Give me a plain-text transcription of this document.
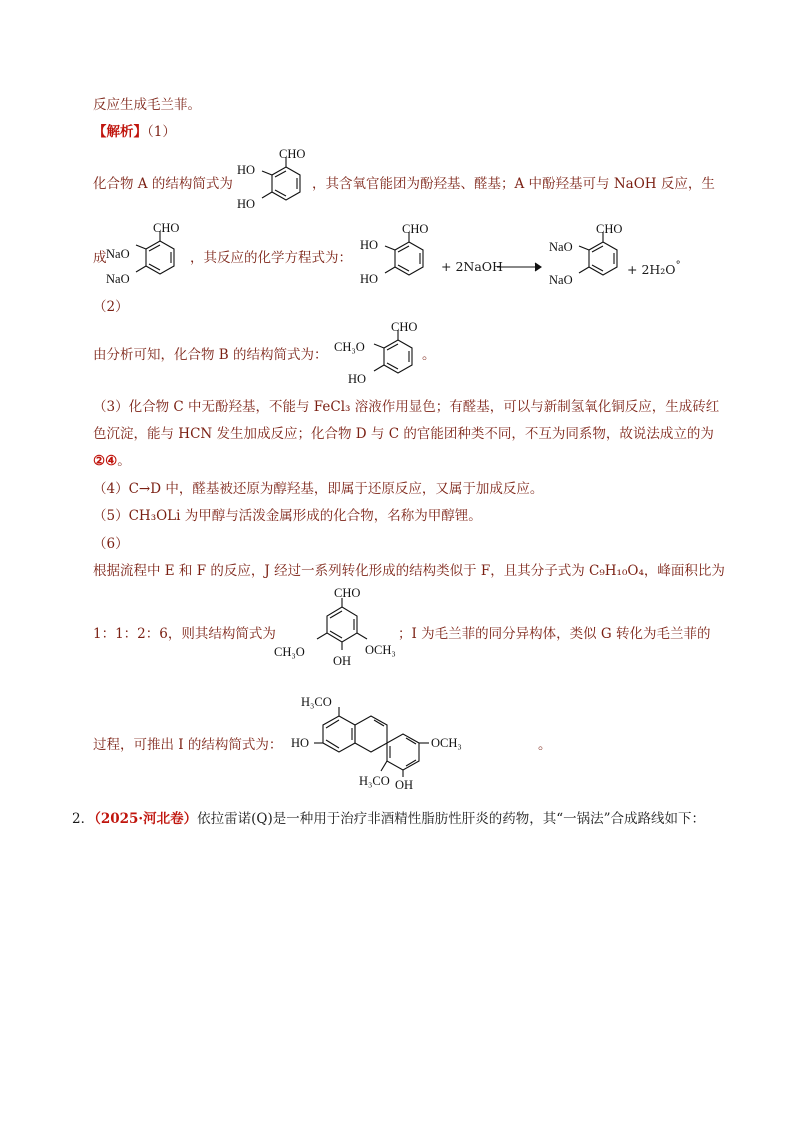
反应生成毛兰菲。
【解析】（1）
化合物 A 的结构简式为	，其含氧官能团为酚羟基、醛基；A 中酚羟基可与 NaOH 反应，生
成	，其反应的化学方程式为：
（2）
由分析可知，化合物 B 的结构简式为：	。
（3）化合物 C 中无酚羟基，不能与 FeCl₃ 溶液作用显色；有醛基，可以与新制氢氧化铜反应，生成砖红
色沉淀，能与 HCN 发生加成反应；化合物 D 与 C 的官能团种类不同，不互为同系物，故说法成立的为
②④。
（4）C→D 中，醛基被还原为醇羟基，即属于还原反应，又属于加成反应。
（5）CH₃OLi 为甲醇与活泼金属形成的化合物，名称为甲醇锂。
（6）
根据流程中 E 和 F 的反应，J 经过一系列转化形成的结构类似于 F，且其分子式为 C₉H₁₀O₄，峰面积比为
1：1：2：6，则其结构简式为	；I 为毛兰菲的同分异构体，类似 G 转化为毛兰菲的
过程，可推出 I 的结构简式为：	。
2．（2025·河北卷）依拉雷诺(Q)是一种用于治疗非酒精性脂肪性肝炎的药物，其“一锅法”合成路线如下：
CHO
HO
HO
CHO
NaO
NaO
CHO
HO
HO
+ 2NaOH
CHO
NaO
NaO
+ 2H₂O°
CHO
CH₃O
HO
CHO
CH₃O	OCH₃
OH
H₃CO
HO	OCH₃
H₃CO OH
